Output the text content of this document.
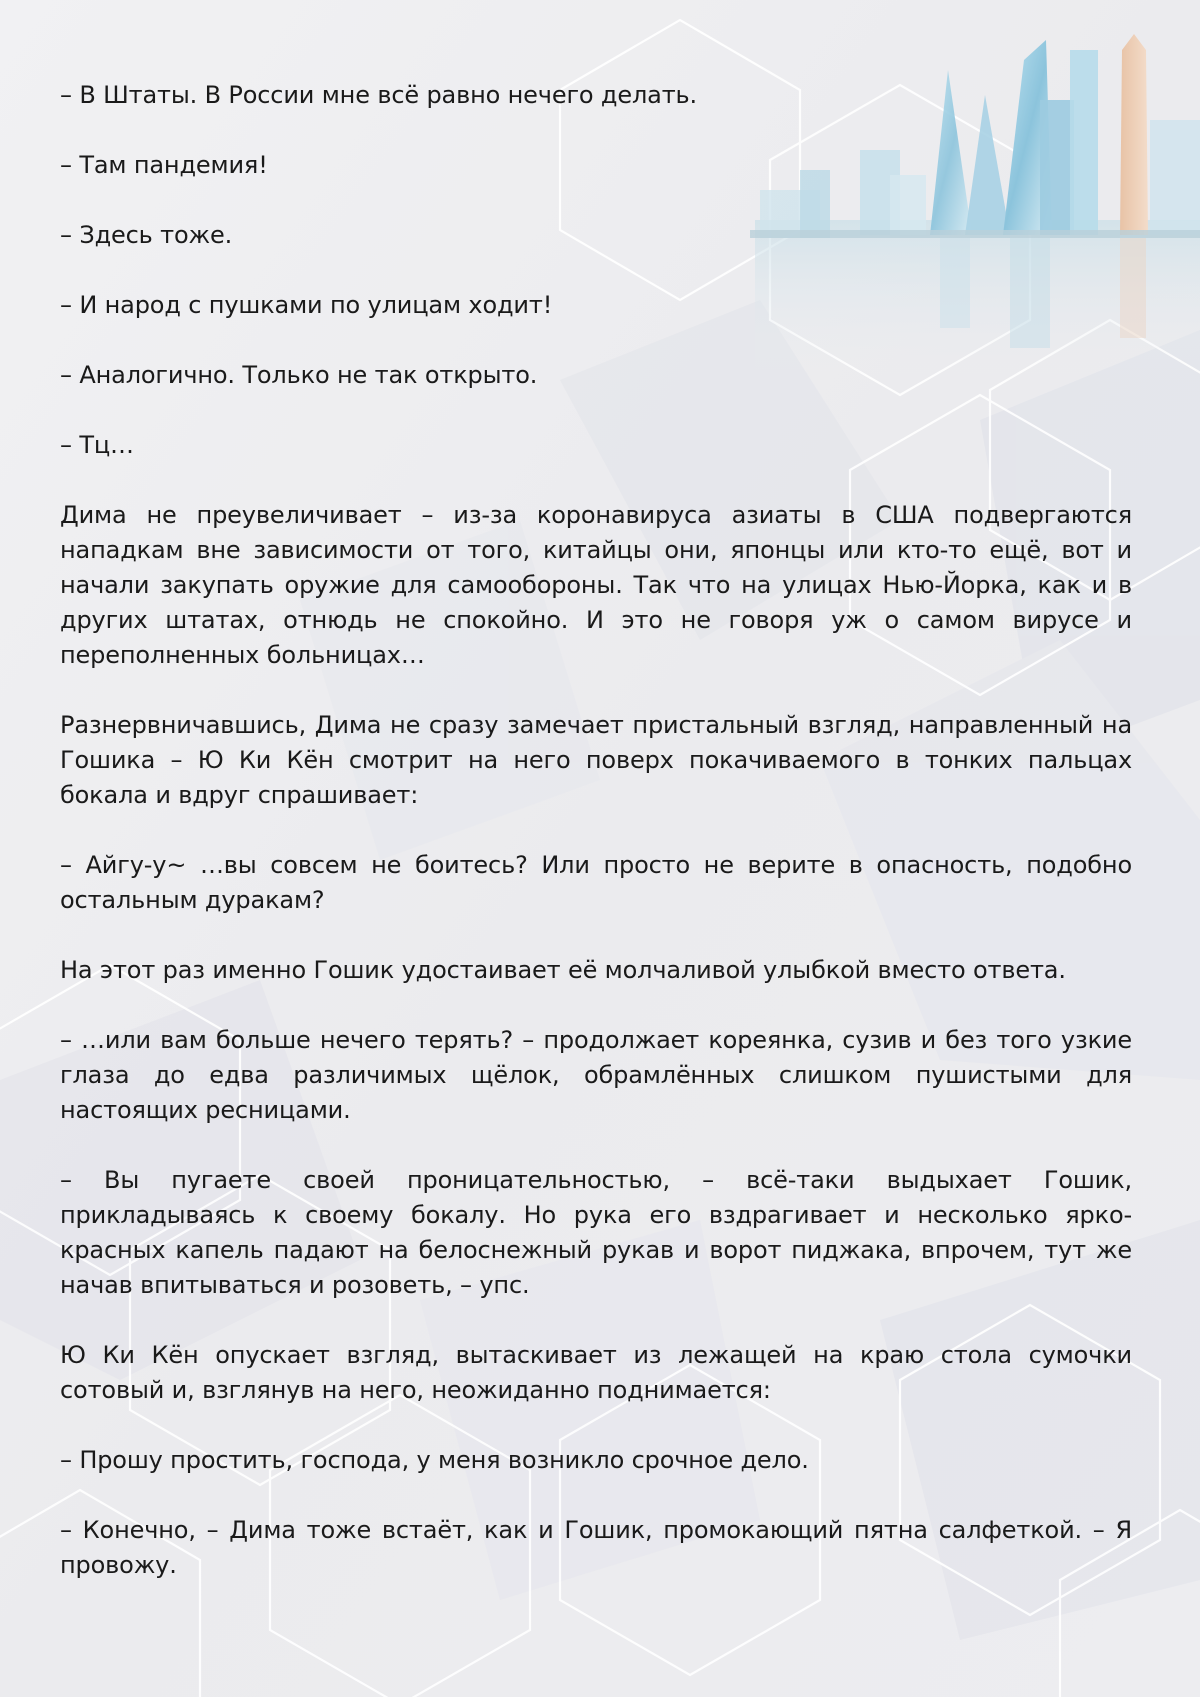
– В Штаты. В России мне всё равно нечего делать.

– Там пандемия!

– Здесь тоже.

– И народ с пушками по улицам ходит!

– Аналогично. Только не так открыто.

– Тц…

Дима не преувеличивает – из-за коронавируса азиаты в США подвергаются нападкам вне зависимости от того, китайцы они, японцы или кто-то ещё, вот и начали закупать оружие для самообороны. Так что на улицах Нью-Йорка, как и в других штатах, отнюдь не спокойно. И это не говоря уж о самом вирусе и переполненных больницах…

Разнервничавшись, Дима не сразу замечает пристальный взгляд, направленный на Гошика – Ю Ки Кён смотрит на него поверх покачиваемого в тонких пальцах бокала и вдруг спрашивает:

– Айгу-у~ …вы совсем не боитесь? Или просто не верите в опасность, подобно остальным дуракам?

На этот раз именно Гошик удостаивает её молчаливой улыбкой вместо ответа.

– …или вам больше нечего терять? – продолжает кореянка, сузив и без того узкие глаза до едва различимых щёлок, обрамлённых слишком пушистыми для настоящих ресницами.

– Вы пугаете своей проницательностью, – всё-таки выдыхает Гошик, прикладываясь к своему бокалу. Но рука его вздрагивает и несколько ярко-красных капель падают на белоснежный рукав и ворот пиджака, впрочем, тут же начав впитываться и розоветь, – упс.

Ю Ки Кён опускает взгляд, вытаскивает из лежащей на краю стола сумочки сотовый и, взглянув на него, неожиданно поднимается:

– Прошу простить, господа, у меня возникло срочное дело.

– Конечно, – Дима тоже встаёт, как и Гошик, промокающий пятна салфеткой. – Я провожу.
